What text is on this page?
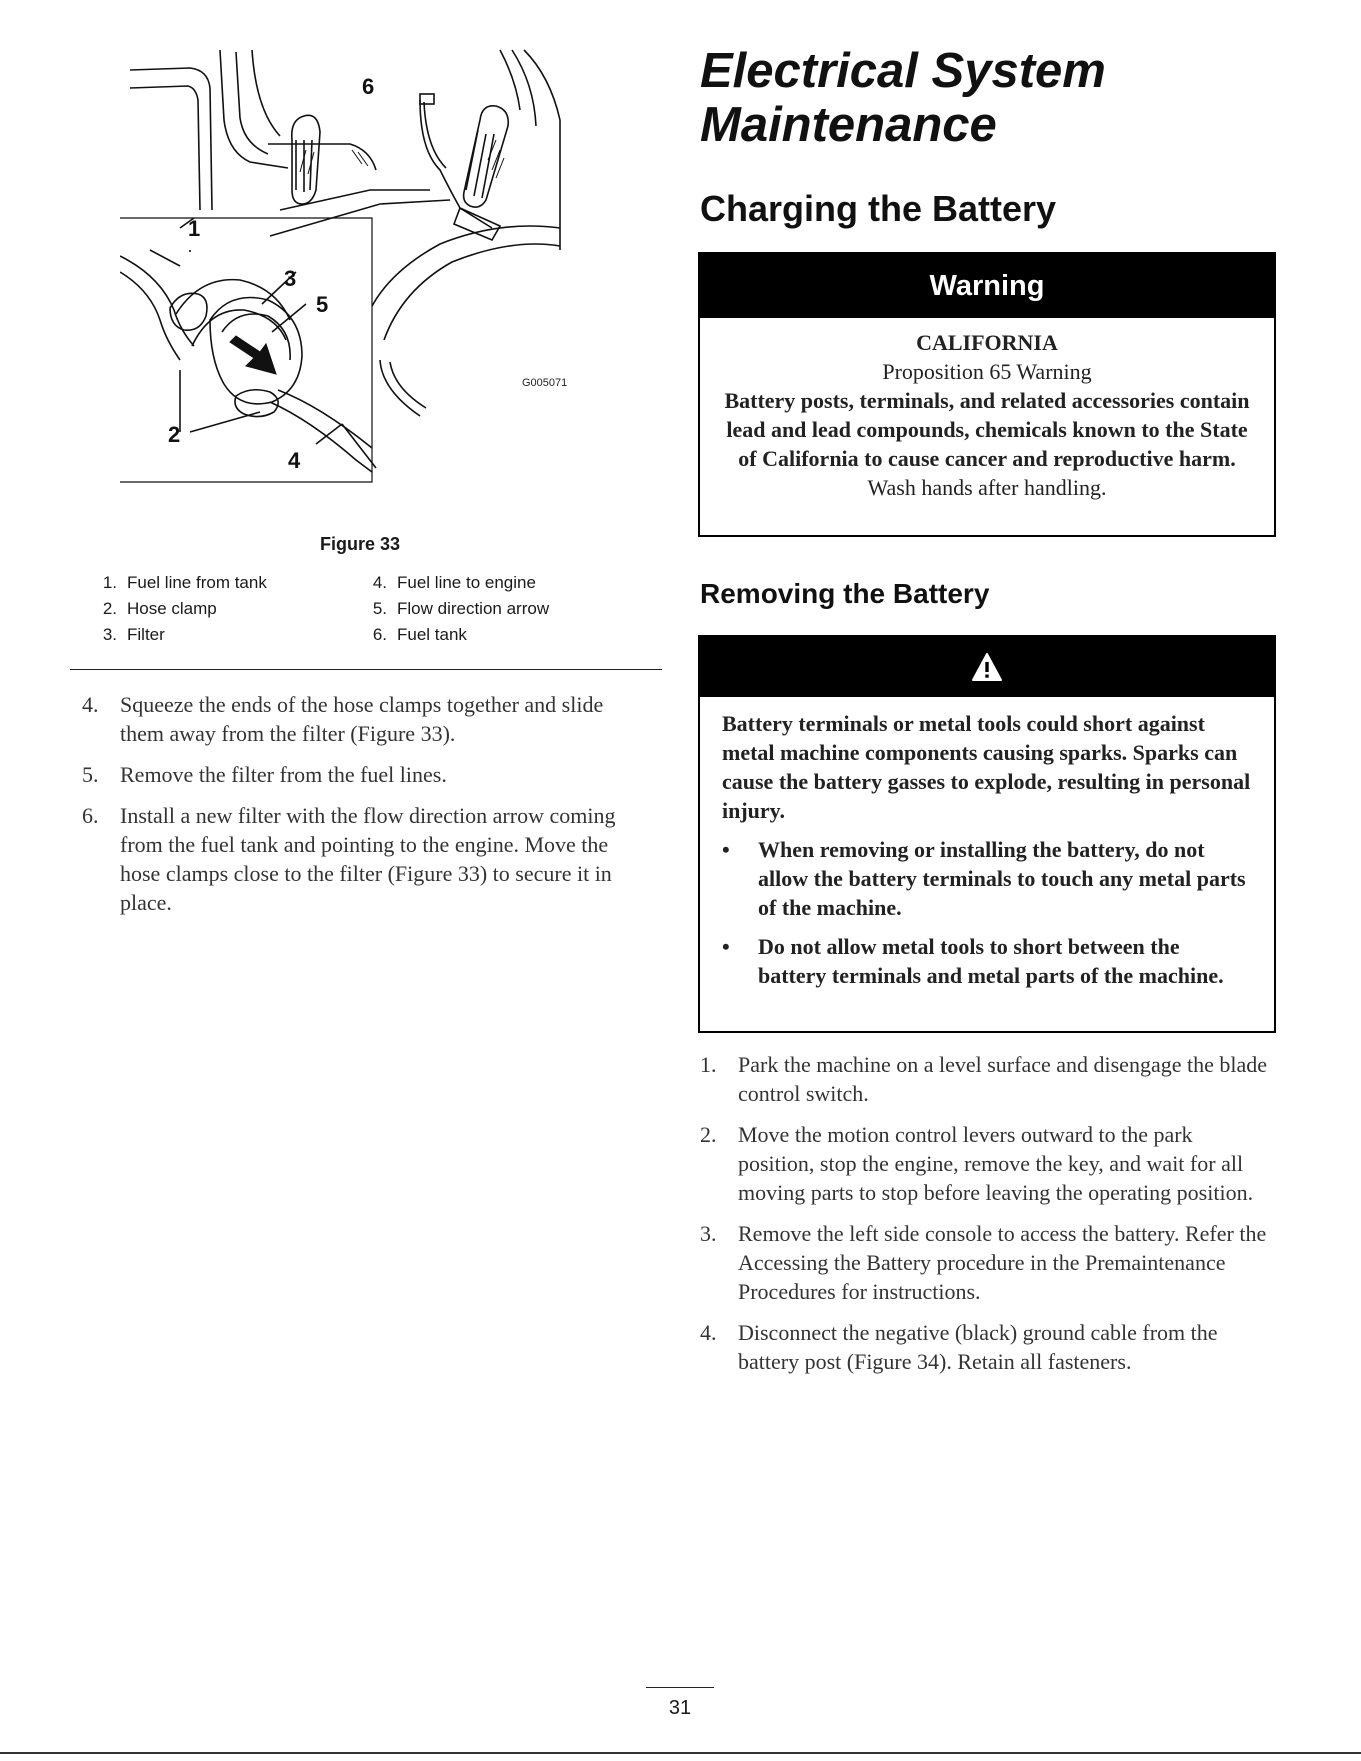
6
1
3
5
2
4
G005071
Figure 33
1. Fuel line from tank	4. Fuel line to engine
2. Hose clamp	5. Flow direction arrow
3. Filter	6. Fuel tank
4. Squeeze the ends of the hose clamps together and slide them away from the filter (Figure 33).
5. Remove the filter from the fuel lines.
6. Install a new filter with the flow direction arrow coming from the fuel tank and pointing to the engine. Move the hose clamps close to the filter (Figure 33) to secure it in place.
Electrical System Maintenance
Charging the Battery
Warning
CALIFORNIA
Proposition 65 Warning
Battery posts, terminals, and related accessories contain lead and lead compounds, chemicals known to the State of California to cause cancer and reproductive harm.
Wash hands after handling.
Removing the Battery
Battery terminals or metal tools could short against metal machine components causing sparks. Sparks can cause the battery gasses to explode, resulting in personal injury.
•	When removing or installing the battery, do not allow the battery terminals to touch any metal parts of the machine.
•	Do not allow metal tools to short between the battery terminals and metal parts of the machine.
1. Park the machine on a level surface and disengage the blade control switch.
2. Move the motion control levers outward to the park position, stop the engine, remove the key, and wait for all moving parts to stop before leaving the operating position.
3. Remove the left side console to access the battery. Refer the Accessing the Battery procedure in the Premaintenance Procedures for instructions.
4. Disconnect the negative (black) ground cable from the battery post (Figure 34). Retain all fasteners.
31
